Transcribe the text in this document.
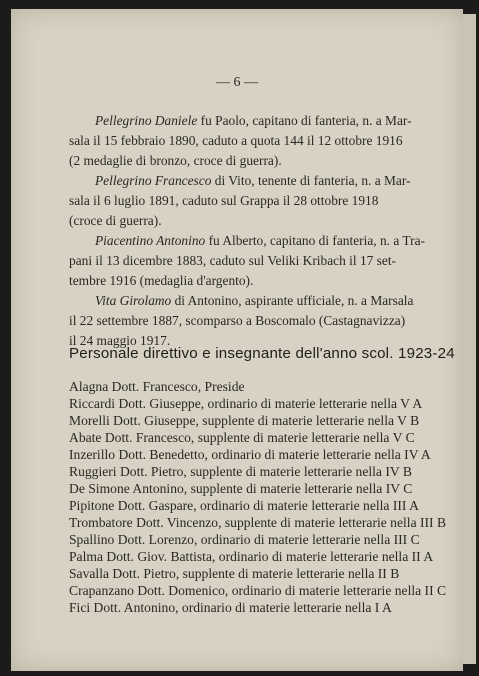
— 6 —
Pellegrino Daniele fu Paolo, capitano di fanteria, n. a Mar-
sala il 15 febbraio 1890, caduto a quota 144 il 12 ottobre 1916
(2 medaglie di bronzo, croce di guerra).
Pellegrino Francesco di Vito, tenente di fanteria, n. a Mar-
sala il 6 luglio 1891, caduto sul Grappa il 28 ottobre 1918
(croce di guerra).
Piacentino Antonino fu Alberto, capitano di fanteria, n. a Tra-
pani il 13 dicembre 1883, caduto sul Veliki Kribach il 17 set-
tembre 1916 (medaglia d'argento).
Vita Girolamo di Antonino, aspirante ufficiale, n. a Marsala
il 22 settembre 1887, scomparso a Boscomalo (Castagnavizza)
il 24 maggio 1917.
Personale direttivo e insegnante dell'anno scol. 1923-24
Alagna Dott. Francesco, Preside
Riccardi Dott. Giuseppe, ordinario di materie letterarie nella V A
Morelli Dott. Giuseppe, supplente di materie letterarie nella V B
Abate Dott. Francesco, supplente di materie letterarie nella V C
Inzerillo Dott. Benedetto, ordinario di materie letterarie nella IV A
Ruggieri Dott. Pietro, supplente di materie letterarie nella IV B
De Simone Antonino, supplente di materie letterarie nella IV C
Pipitone Dott. Gaspare, ordinario di materie letterarie nella III A
Trombatore Dott. Vincenzo, supplente di materie letterarie nella III B
Spallino Dott. Lorenzo, ordinario di materie letterarie nella III C
Palma Dott. Giov. Battista, ordinario di materie letterarie nella II A
Savalla Dott. Pietro, supplente di materie letterarie nella II B
Crapanzano Dott. Domenico, ordinario di materie letterarie nella II C
Fici Dott. Antonino, ordinario di materie letterarie nella I A
